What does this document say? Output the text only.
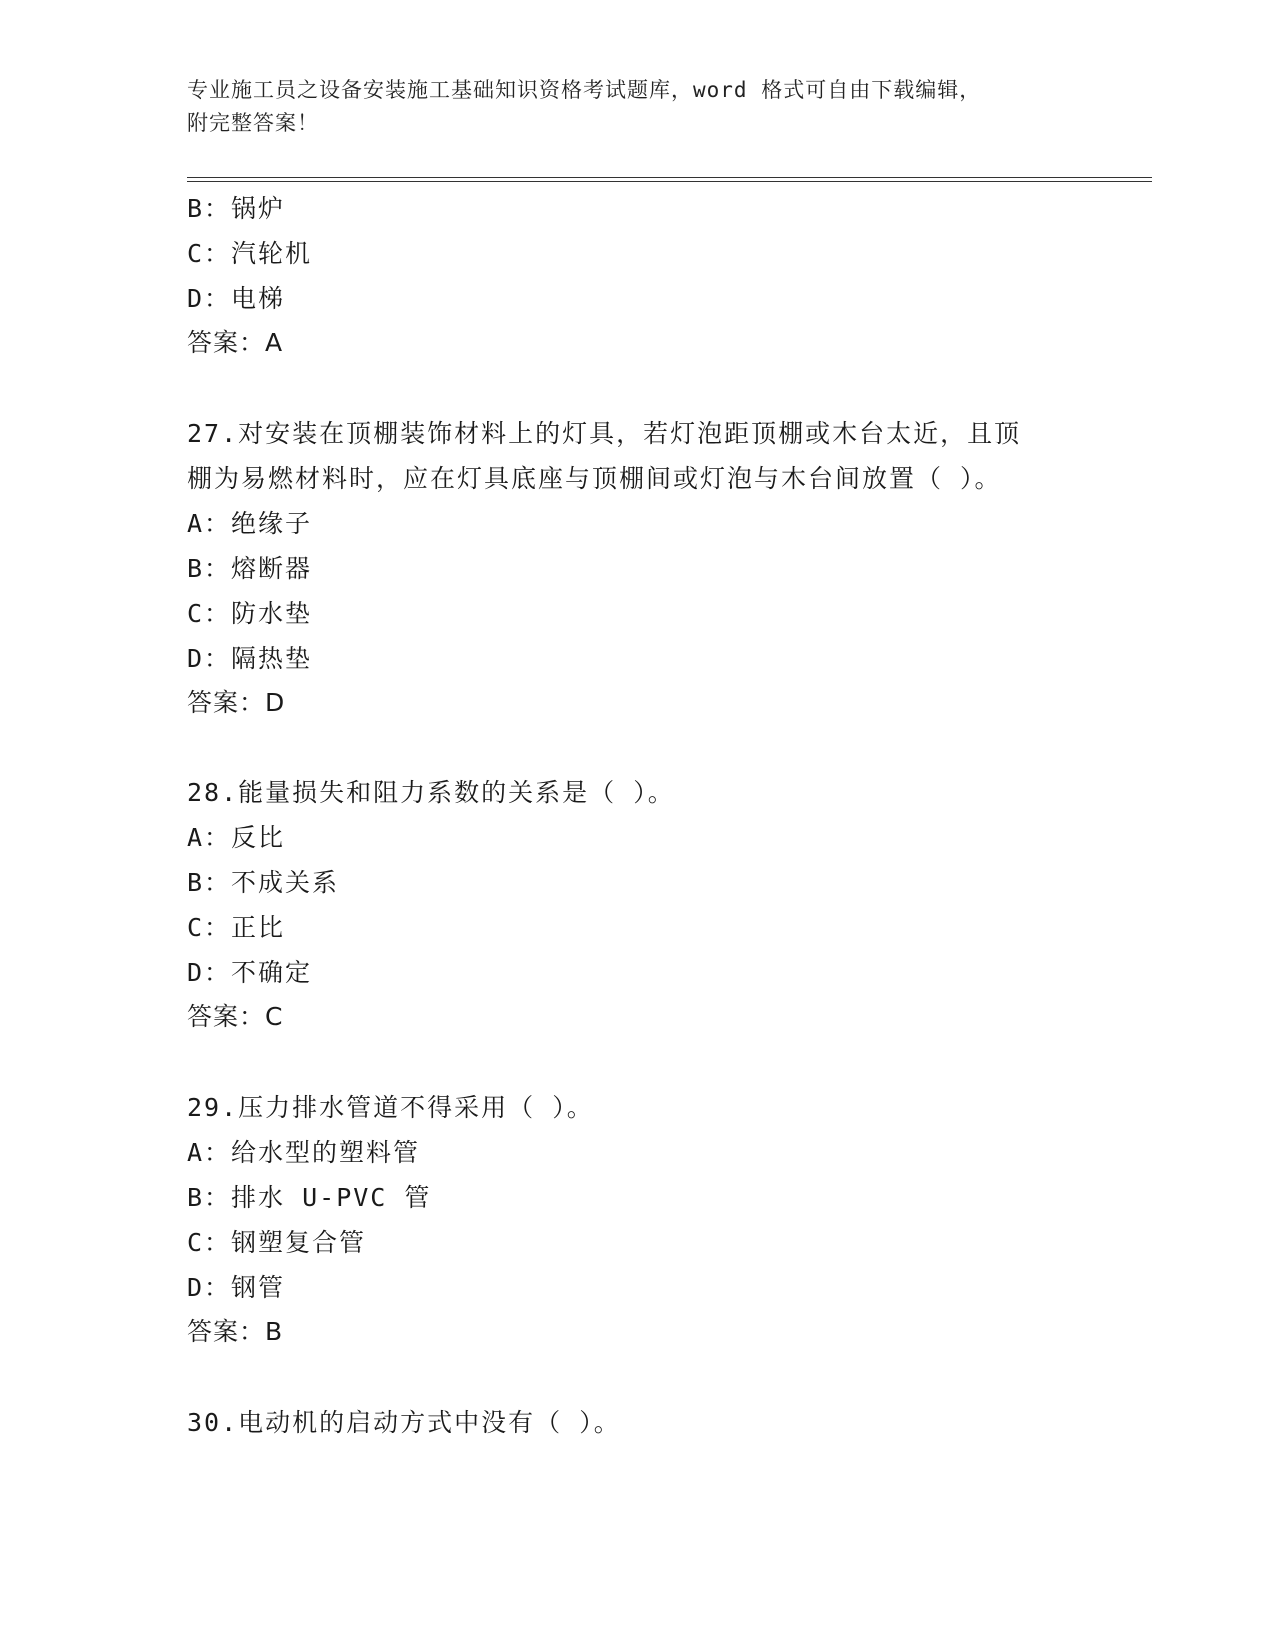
专业施工员之设备安装施工基础知识资格考试题库，word 格式可自由下载编辑，
附完整答案！
B：锅炉
C：汽轮机
D：电梯
答案：A
27.对安装在顶棚装饰材料上的灯具，若灯泡距顶棚或木台太近，且顶
棚为易燃材料时，应在灯具底座与顶棚间或灯泡与木台间放置（ ）。
A：绝缘子
B：熔断器
C：防水垫
D：隔热垫
答案：D
28.能量损失和阻力系数的关系是（ ）。
A：反比
B：不成关系
C：正比
D：不确定
答案：C
29.压力排水管道不得采用（ ）。
A：给水型的塑料管
B：排水 U-PVC 管
C：钢塑复合管
D：钢管
答案：B
30.电动机的启动方式中没有（ ）。
